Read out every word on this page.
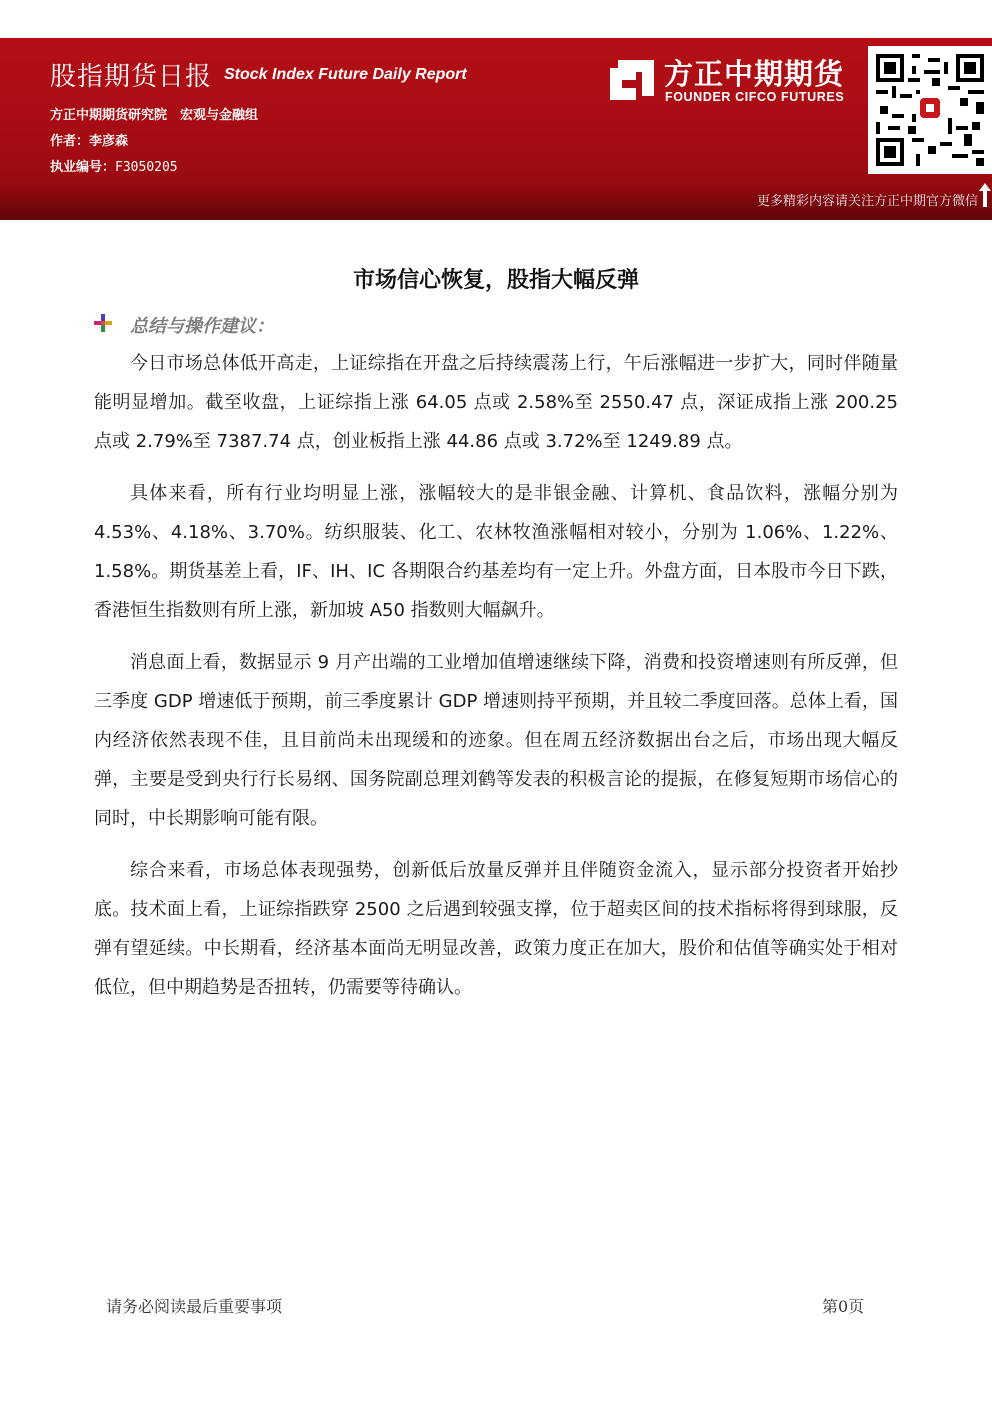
股指期货日报 Stock Index Future Daily Report
方正中期期货研究院　宏观与金融组
作者：李彦森
执业编号：F3050205
方正中期期货
FOUNDER CIFCO FUTURES
更多精彩内容请关注方正中期官方微信
市场信心恢复，股指大幅反弹
总结与操作建议：

今日市场总体低开高走，上证综指在开盘之后持续震荡上行，午后涨幅进一步扩大，同时伴随量能明显增加。截至收盘，上证综指上涨 64.05 点或 2.58%至 2550.47 点，深证成指上涨 200.25 点或 2.79%至 7387.74 点，创业板指上涨 44.86 点或 3.72%至 1249.89 点。

具体来看，所有行业均明显上涨，涨幅较大的是非银金融、计算机、食品饮料，涨幅分别为 4.53%、4.18%、3.70%。纺织服装、化工、农林牧渔涨幅相对较小，分别为 1.06%、1.22%、1.58%。期货基差上看，IF、IH、IC 各期限合约基差均有一定上升。外盘方面，日本股市今日下跌，香港恒生指数则有所上涨，新加坡 A50 指数则大幅飙升。

消息面上看，数据显示 9 月产出端的工业增加值增速继续下降，消费和投资增速则有所反弹，但三季度 GDP 增速低于预期，前三季度累计 GDP 增速则持平预期，并且较二季度回落。总体上看，国内经济依然表现不佳，且目前尚未出现缓和的迹象。但在周五经济数据出台之后，市场出现大幅反弹，主要是受到央行行长易纲、国务院副总理刘鹤等发表的积极言论的提振，在修复短期市场信心的同时，中长期影响可能有限。

综合来看，市场总体表现强势，创新低后放量反弹并且伴随资金流入，显示部分投资者开始抄底。技术面上看，上证综指跌穿 2500 之后遇到较强支撑，位于超卖区间的技术指标将得到球服，反弹有望延续。中长期看，经济基本面尚无明显改善，政策力度正在加大，股价和估值等确实处于相对低位，但中期趋势是否扭转，仍需要等待确认。

请务必阅读最后重要事项	第0页
